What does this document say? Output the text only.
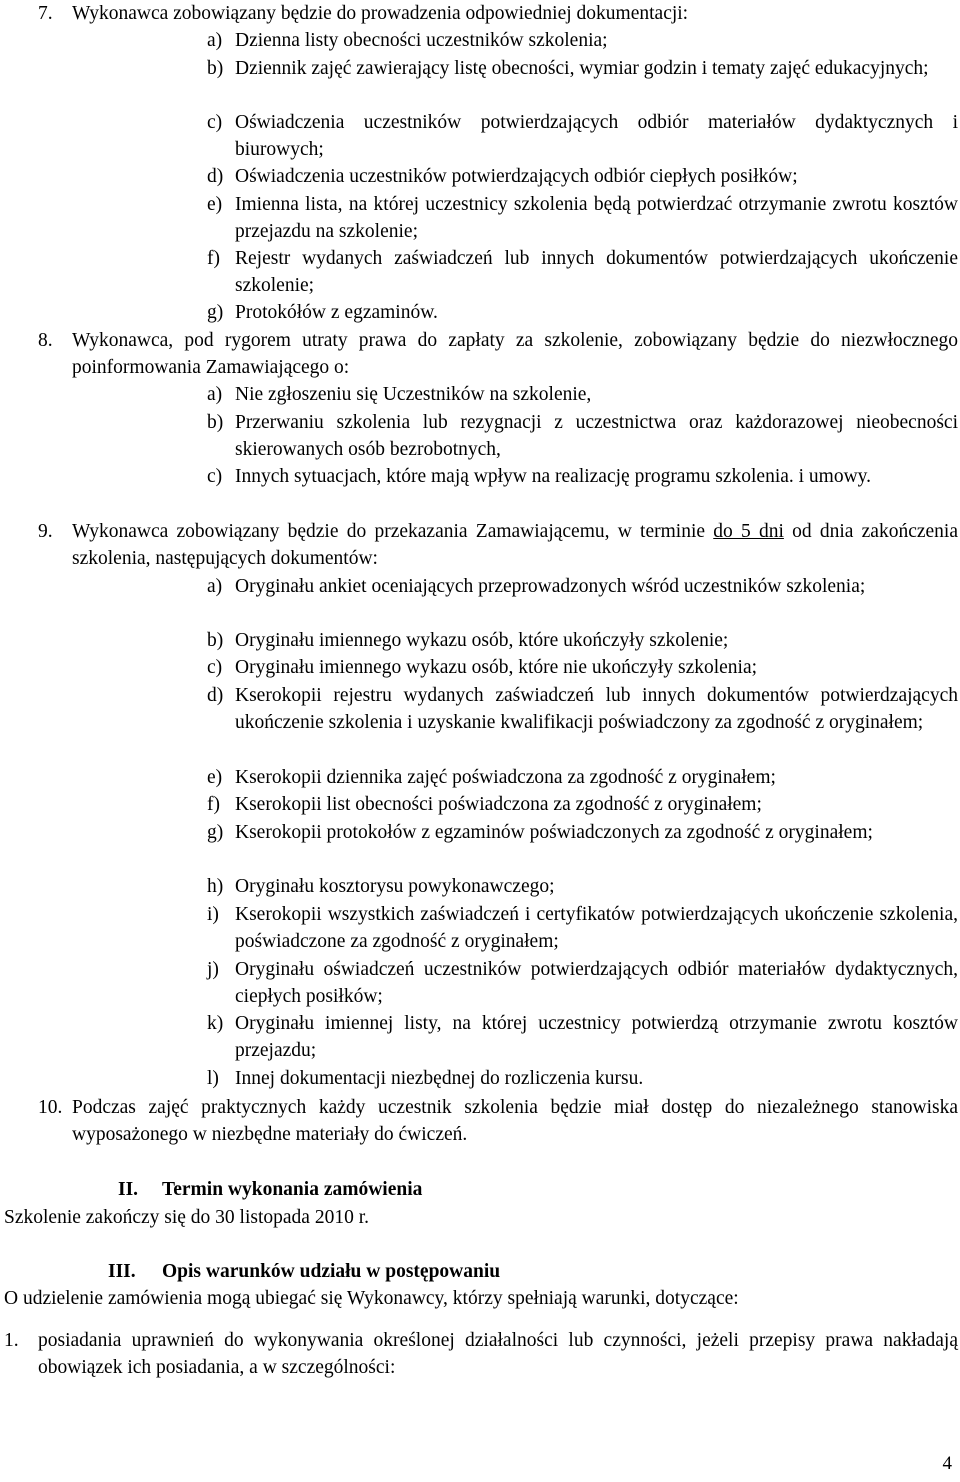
7. Wykonawca zobowiązany będzie do prowadzenia odpowiedniej dokumentacji:
a) Dzienna listy obecności uczestników szkolenia;
b) Dziennik zajęć zawierający listę obecności, wymiar godzin i tematy zajęć edukacyjnych;
c) Oświadczenia uczestników potwierdzających odbiór materiałów dydaktycznych i biurowych;
d) Oświadczenia uczestników potwierdzających odbiór ciepłych posiłków;
e) Imienna lista, na której uczestnicy szkolenia będą potwierdzać otrzymanie zwrotu kosztów przejazdu na szkolenie;
f) Rejestr wydanych zaświadczeń lub innych dokumentów potwierdzających ukończenie szkolenie;
g) Protokółów z egzaminów.
8. Wykonawca, pod rygorem utraty prawa do zapłaty za szkolenie, zobowiązany będzie do niezwłocznego poinformowania Zamawiającego o:
a) Nie zgłoszeniu się Uczestników na szkolenie,
b) Przerwaniu szkolenia lub rezygnacji z uczestnictwa oraz każdorazowej nieobecności skierowanych osób bezrobotnych,
c) Innych sytuacjach, które mają wpływ na realizację programu szkolenia. i umowy.
9. Wykonawca zobowiązany będzie do przekazania Zamawiającemu, w terminie do 5 dni od dnia zakończenia szkolenia, następujących dokumentów:
a) Oryginału ankiet oceniających przeprowadzonych wśród uczestników szkolenia;
b) Oryginału imiennego wykazu osób, które ukończyły szkolenie;
c) Oryginału imiennego wykazu osób, które nie ukończyły szkolenia;
d) Kserokopii rejestru wydanych zaświadczeń lub innych dokumentów potwierdzających ukończenie szkolenia i uzyskanie kwalifikacji poświadczony za zgodność z oryginałem;
e) Kserokopii dziennika zajęć poświadczona za zgodność z oryginałem;
f) Kserokopii list obecności poświadczona za zgodność z oryginałem;
g) Kserokopii protokołów z egzaminów poświadczonych za zgodność z oryginałem;
h) Oryginału kosztorysu powykonawczego;
i) Kserokopii wszystkich zaświadczeń i certyfikatów potwierdzających ukończenie szkolenia, poświadczone za zgodność z oryginałem;
j) Oryginału oświadczeń uczestników potwierdzających odbiór materiałów dydaktycznych, ciepłych posiłków;
k) Oryginału imiennej listy, na której uczestnicy potwierdzą otrzymanie zwrotu kosztów przejazdu;
l) Innej dokumentacji niezbędnej do rozliczenia kursu.
10. Podczas zajęć praktycznych każdy uczestnik szkolenia będzie miał dostęp do niezależnego stanowiska wyposażonego w niezbędne materiały do ćwiczeń.
II. Termin wykonania zamówienia
Szkolenie zakończy się do 30 listopada 2010 r.
III. Opis warunków udziału w postępowaniu
O udzielenie zamówienia mogą ubiegać się Wykonawcy, którzy spełniają warunki, dotyczące:
1. posiadania uprawnień do wykonywania określonej działalności lub czynności, jeżeli przepisy prawa nakładają obowiązek ich posiadania, a w szczególności:
4
